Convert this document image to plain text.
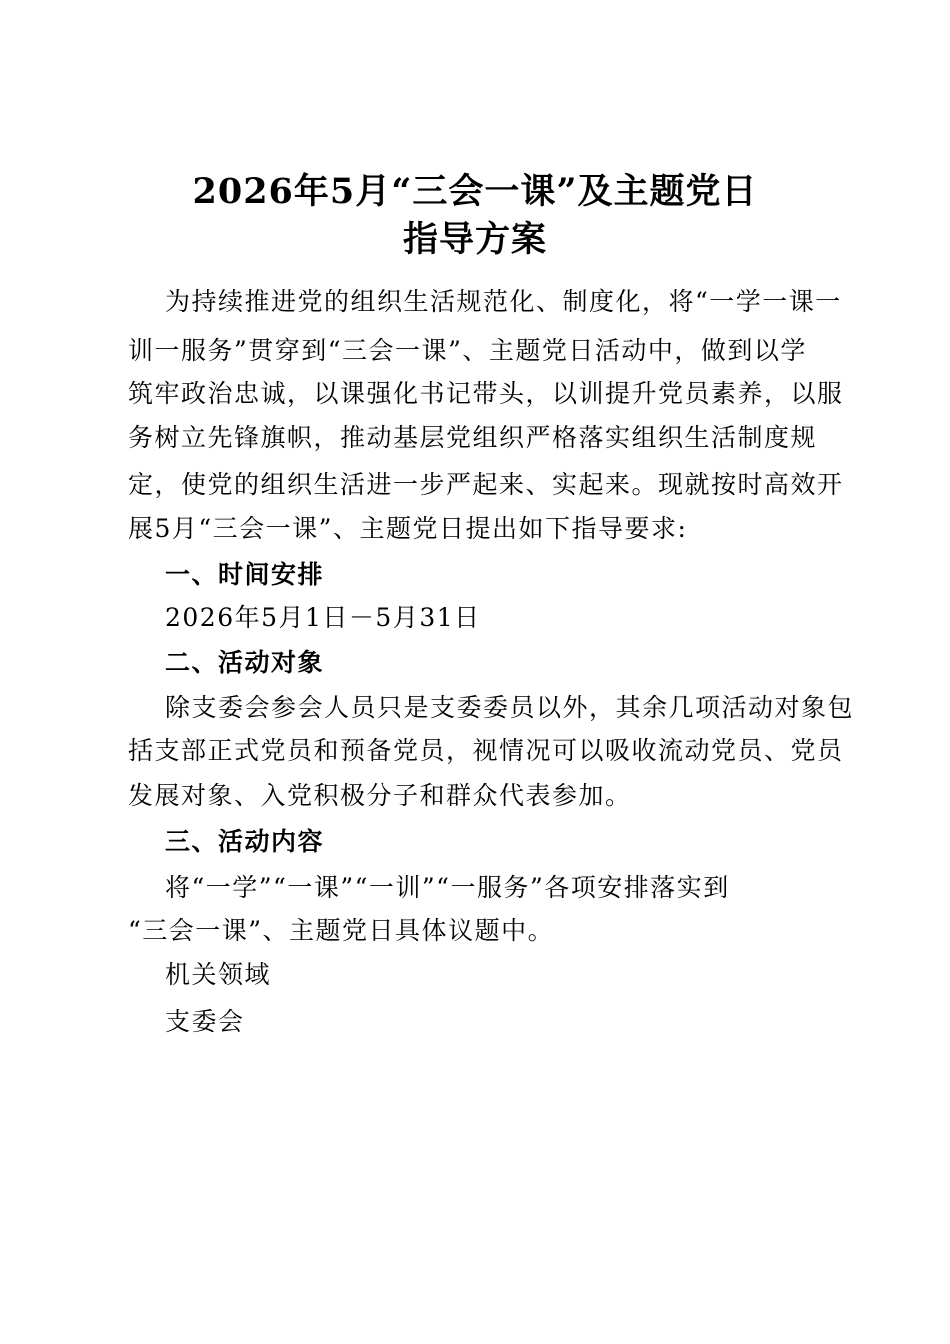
2026年5月“三会一课”及主题党日
指导方案
为持续推进党的组织生活规范化、制度化，将“一学一课一
训一服务”贯穿到“三会一课”、主题党日活动中，做到以学
筑牢政治忠诚，以课强化书记带头，以训提升党员素养，以服
务树立先锋旗帜，推动基层党组织严格落实组织生活制度规
定，使党的组织生活进一步严起来、实起来。现就按时高效开
展5月“三会一课”、主题党日提出如下指导要求:
一、时间安排
2026年5月1日－5月31日
二、活动对象
除支委会参会人员只是支委委员以外，其余几项活动对象包
括支部正式党员和预备党员，视情况可以吸收流动党员、党员
发展对象、入党积极分子和群众代表参加。
三、活动内容
将“一学”“一课”“一训”“一服务”各项安排落实到
“三会一课”、主题党日具体议题中。
机关领域
支委会
